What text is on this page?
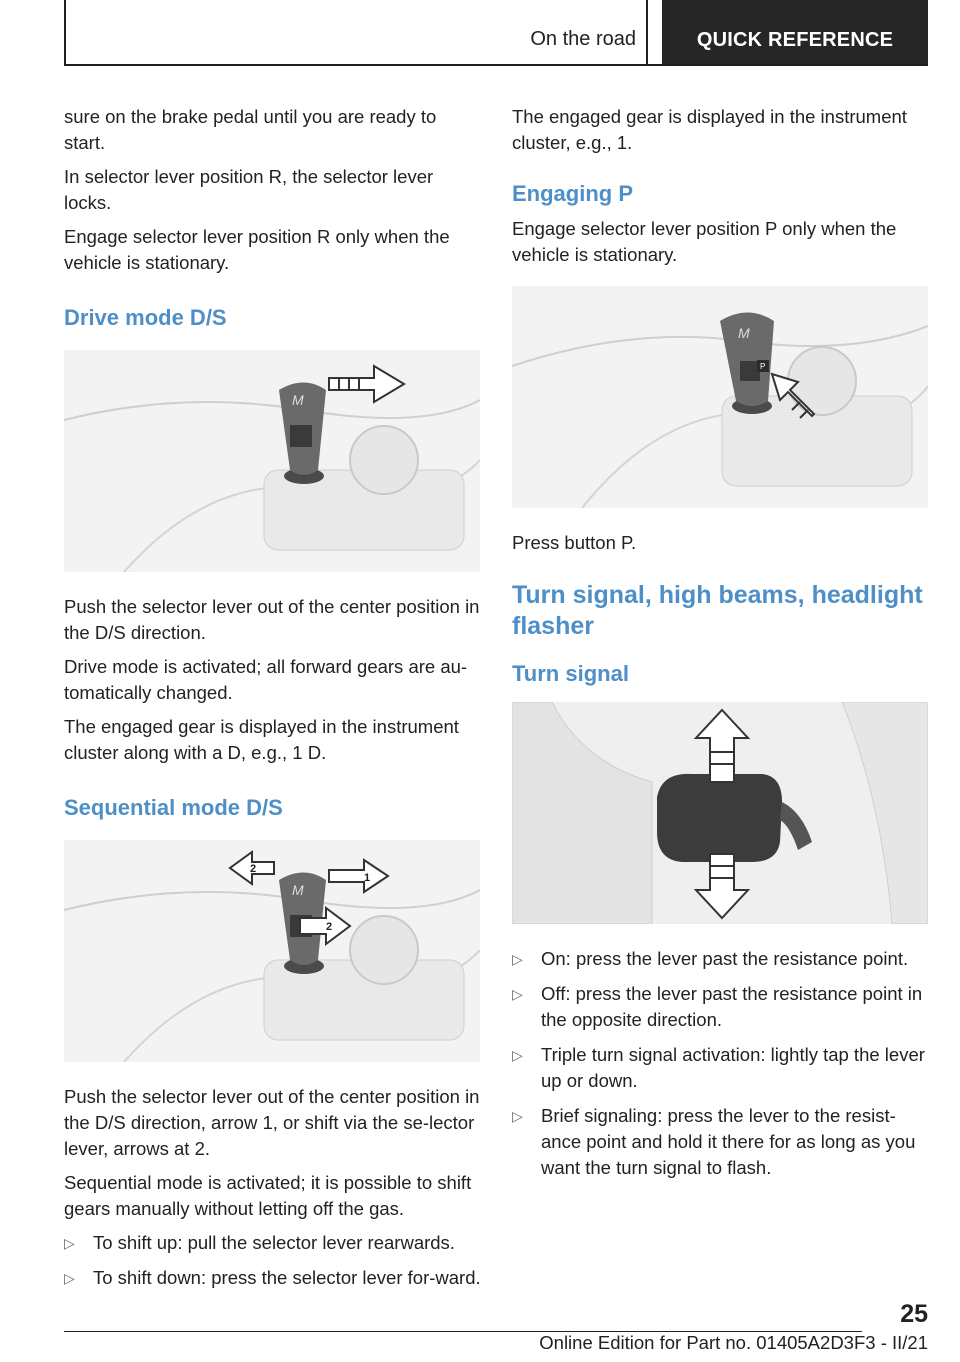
On the road	QUICK REFERENCE

sure on the brake pedal until you are ready to start.

In selector lever position R, the selector lever locks.

Engage selector lever position R only when the vehicle is stationary.

Drive mode D/S
M

Push the selector lever out of the center position in the D/S direction.

Drive mode is activated; all forward gears are au‐tomatically changed.

The engaged gear is displayed in the instrument cluster along with a D, e.g., 1 D.

Sequential mode D/S
M
2
1
2

Push the selector lever out of the center position in the D/S direction, arrow 1, or shift via the se‐lector lever, arrows at 2.

Sequential mode is activated; it is possible to shift gears manually without letting off the gas.

▷ To shift up: pull the selector lever rearwards.
▷ To shift down: press the selector lever for‐ward.

The engaged gear is displayed in the instrument cluster, e.g., 1.

Engaging P

Engage selector lever position P only when the vehicle is stationary.

P
M

Press button P.

Turn signal, high beams, headlight flasher
Turn signal
▷ On: press the lever past the resistance point.
▷ Off: press the lever past the resistance point in the opposite direction.
▷ Triple turn signal activation: lightly tap the lever up or down.
▷ Brief signaling: press the lever to the resist‐ance point and hold it there for as long as you want the turn signal to flash.
25
Online Edition for Part no. 01405A2D3F3 - II/21
